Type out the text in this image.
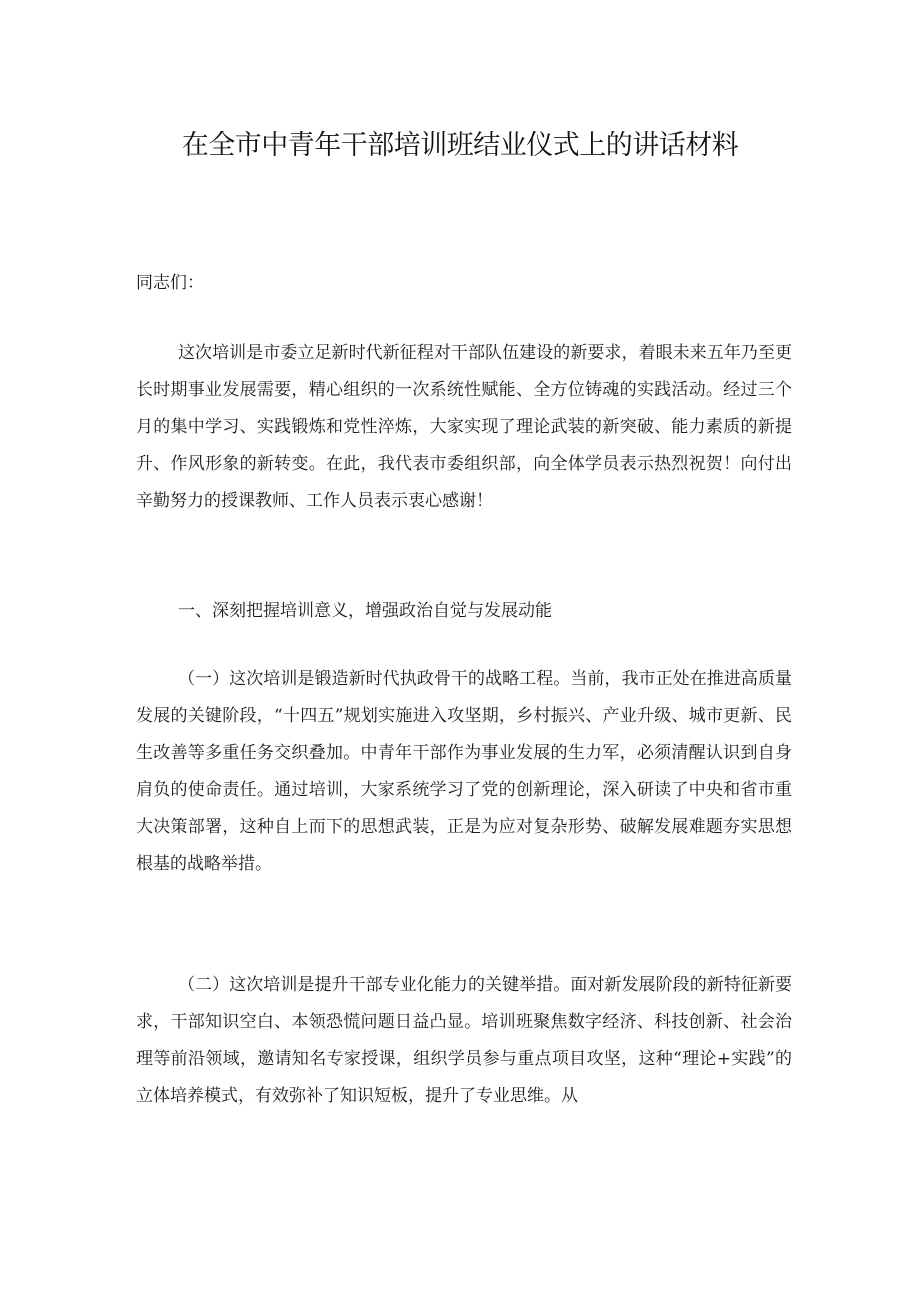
在全市中青年干部培训班结业仪式上的讲话材料

同志们：

这次培训是市委立足新时代新征程对干部队伍建设的新要求，着眼未来五年乃至更长时期事业发展需要，精心组织的一次系统性赋能、全方位铸魂的实践活动。经过三个月的集中学习、实践锻炼和党性淬炼，大家实现了理论武装的新突破、能力素质的新提升、作风形象的新转变。在此，我代表市委组织部，向全体学员表示热烈祝贺！向付出辛勤努力的授课教师、工作人员表示衷心感谢！

一、深刻把握培训意义，增强政治自觉与发展动能

（一）这次培训是锻造新时代执政骨干的战略工程。当前，我市正处在推进高质量发展的关键阶段，“十四五”规划实施进入攻坚期，乡村振兴、产业升级、城市更新、民生改善等多重任务交织叠加。中青年干部作为事业发展的生力军，必须清醒认识到自身肩负的使命责任。通过培训，大家系统学习了党的创新理论，深入研读了中央和省市重大决策部署，这种自上而下的思想武装，正是为应对复杂形势、破解发展难题夯实思想根基的战略举措。

（二）这次培训是提升干部专业化能力的关键举措。面对新发展阶段的新特征新要求，干部知识空白、本领恐慌问题日益凸显。培训班聚焦数字经济、科技创新、社会治理等前沿领域，邀请知名专家授课，组织学员参与重点项目攻坚，这种“理论+实践”的立体培养模式，有效弥补了知识短板，提升了专业思维。从
